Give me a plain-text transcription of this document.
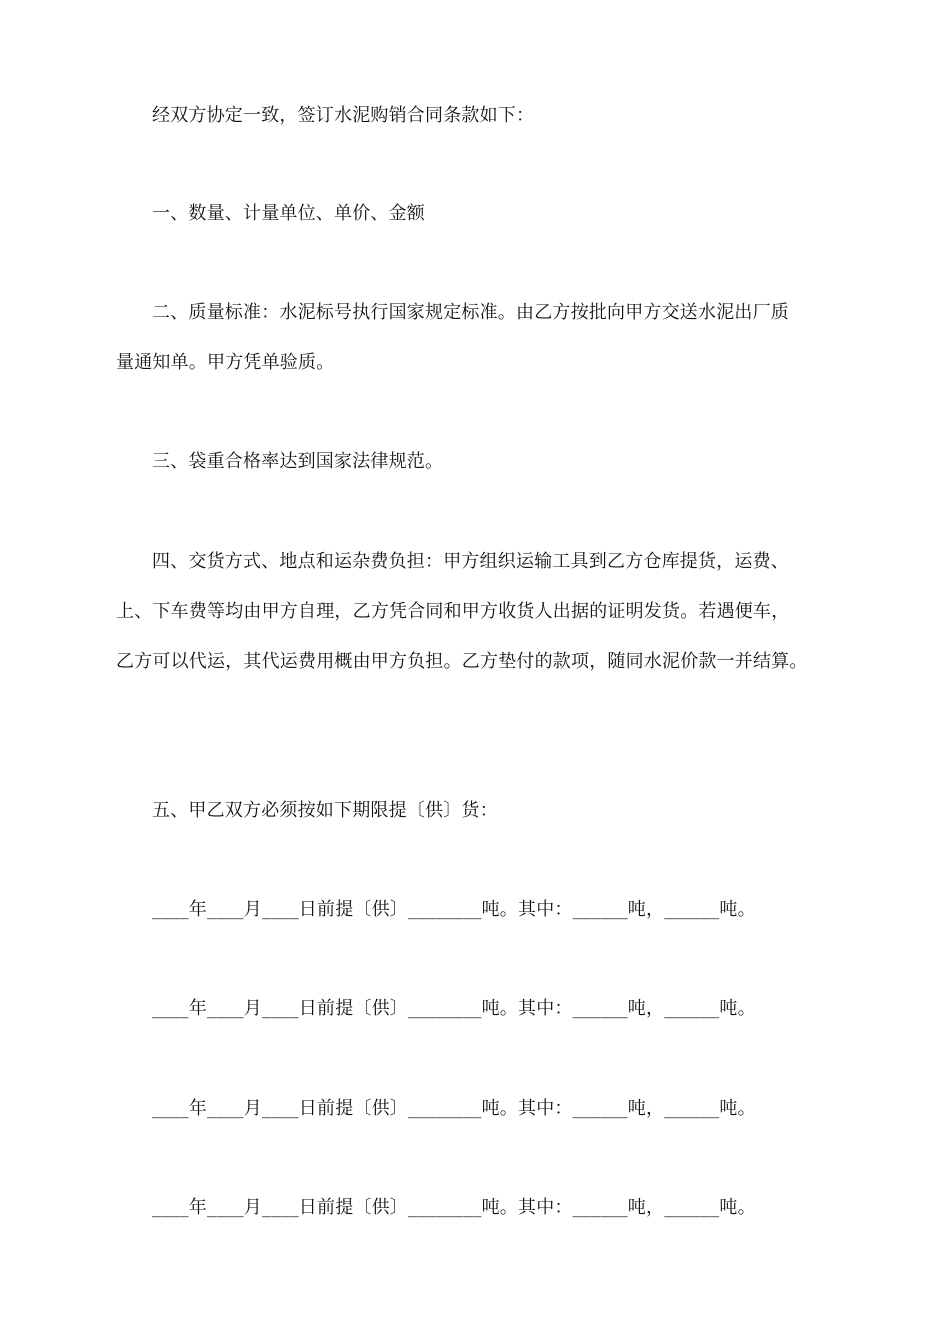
经双方协定一致，签订水泥购销合同条款如下：
一、数量、计量单位、单价、金额
二、质量标准：水泥标号执行国家规定标准。由乙方按批向甲方交送水泥出厂质
量通知单。甲方凭单验质。
三、袋重合格率达到国家法律规范。
四、交货方式、地点和运杂费负担：甲方组织运输工具到乙方仓库提货，运费、
上、下车费等均由甲方自理，乙方凭合同和甲方收货人出据的证明发货。若遇便车，
乙方可以代运，其代运费用概由甲方负担。乙方垫付的款项，随同水泥价款一并结算。
五、甲乙双方必须按如下期限提〔供〕货：
____年____月____日前提〔供〕________吨。其中：______吨，______吨。
____年____月____日前提〔供〕________吨。其中：______吨，______吨。
____年____月____日前提〔供〕________吨。其中：______吨，______吨。
____年____月____日前提〔供〕________吨。其中：______吨，______吨。
